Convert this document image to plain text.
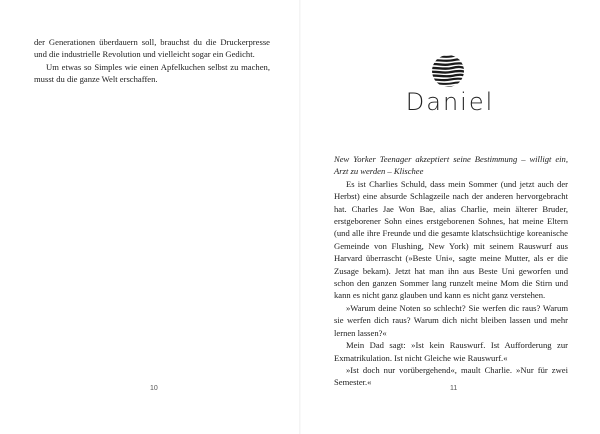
der Generationen überdauern soll, brauchst du die Druckerpresse und die industrielle Revolution und vielleicht sogar ein Gedicht.

Um etwas so Simples wie einen Apfelkuchen selbst zu machen, musst du die ganze Welt erschaffen.

10
Daniel

New Yorker Teenager akzeptiert seine Bestimmung – willigt ein, Arzt zu werden – Klischee

Es ist Charlies Schuld, dass mein Sommer (und jetzt auch der Herbst) eine absurde Schlagzeile nach der anderen hervorgebracht hat. Charles Jae Won Bae, alias Charlie, mein älterer Bruder, erstgeborener Sohn eines erstgeborenen Sohnes, hat meine Eltern (und alle ihre Freunde und die gesamte klatschsüchtige koreanische Gemeinde von Flushing, New York) mit seinem Rauswurf aus Harvard überrascht (»Beste Uni«, sagte meine Mutter, als er die Zusage bekam). Jetzt hat man ihn aus Beste Uni geworfen und schon den ganzen Sommer lang runzelt meine Mom die Stirn und kann es nicht ganz glauben und kann es nicht ganz verstehen.

»Warum deine Noten so schlecht? Sie werfen dic raus? Warum sie werfen dich raus? Warum dich nicht bleiben lassen und mehr lernen lassen?«

Mein Dad sagt: »Ist kein Rauswurf. Ist Aufforderung zur Exmatrikulation. Ist nicht Gleiche wie Rauswurf.«

»Ist doch nur vorübergehend«, mault Charlie. »Nur für zwei Semester.«

11
